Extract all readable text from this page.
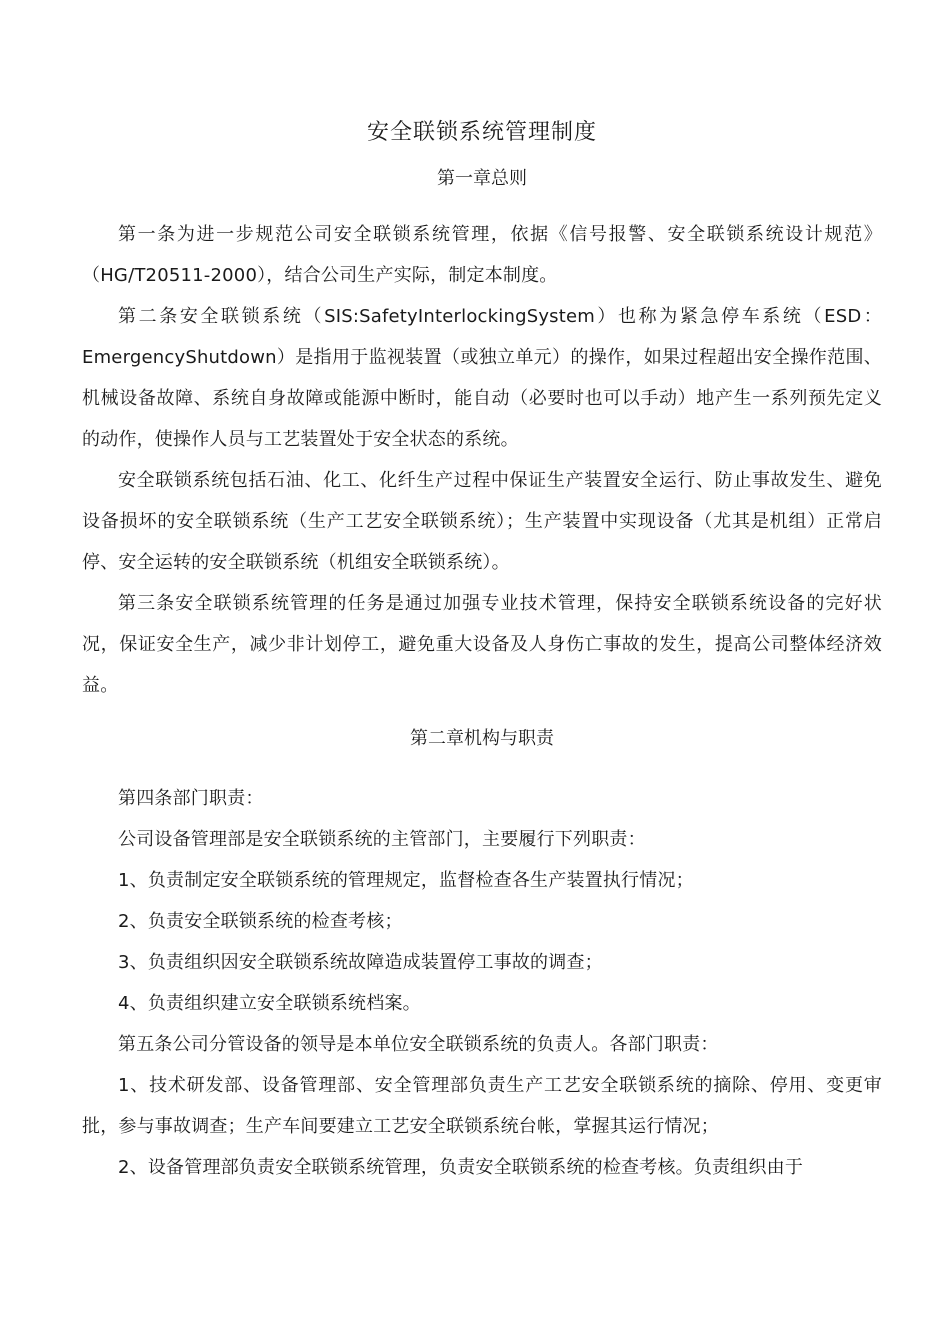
安全联锁系统管理制度
第一章总则

第一条为进一步规范公司安全联锁系统管理，依据《信号报警、安全联锁系统设计规范》（HG/T20511-2000），结合公司生产实际，制定本制度。

第二条安全联锁系统（SIS:SafetyInterlockingSystem）也称为紧急停车系统（ESD：EmergencyShutdown）是指用于监视装置（或独立单元）的操作，如果过程超出安全操作范围、机械设备故障、系统自身故障或能源中断时，能自动（必要时也可以手动）地产生一系列预先定义的动作，使操作人员与工艺装置处于安全状态的系统。

安全联锁系统包括石油、化工、化纤生产过程中保证生产装置安全运行、防止事故发生、避免设备损坏的安全联锁系统（生产工艺安全联锁系统）；生产装置中实现设备（尤其是机组）正常启停、安全运转的安全联锁系统（机组安全联锁系统）。

第三条安全联锁系统管理的任务是通过加强专业技术管理，保持安全联锁系统设备的完好状况，保证安全生产，减少非计划停工，避免重大设备及人身伤亡事故的发生，提高公司整体经济效益。

第二章机构与职责

第四条部门职责：

公司设备管理部是安全联锁系统的主管部门，主要履行下列职责：

1、负责制定安全联锁系统的管理规定，监督检查各生产装置执行情况；

2、负责安全联锁系统的检查考核；

3、负责组织因安全联锁系统故障造成装置停工事故的调查；

4、负责组织建立安全联锁系统档案。

第五条公司分管设备的领导是本单位安全联锁系统的负责人。各部门职责：

1、技术研发部、设备管理部、安全管理部负责生产工艺安全联锁系统的摘除、停用、变更审批，参与事故调查；生产车间要建立工艺安全联锁系统台帐，掌握其运行情况；

2、设备管理部负责安全联锁系统管理，负责安全联锁系统的检查考核。负责组织由于
